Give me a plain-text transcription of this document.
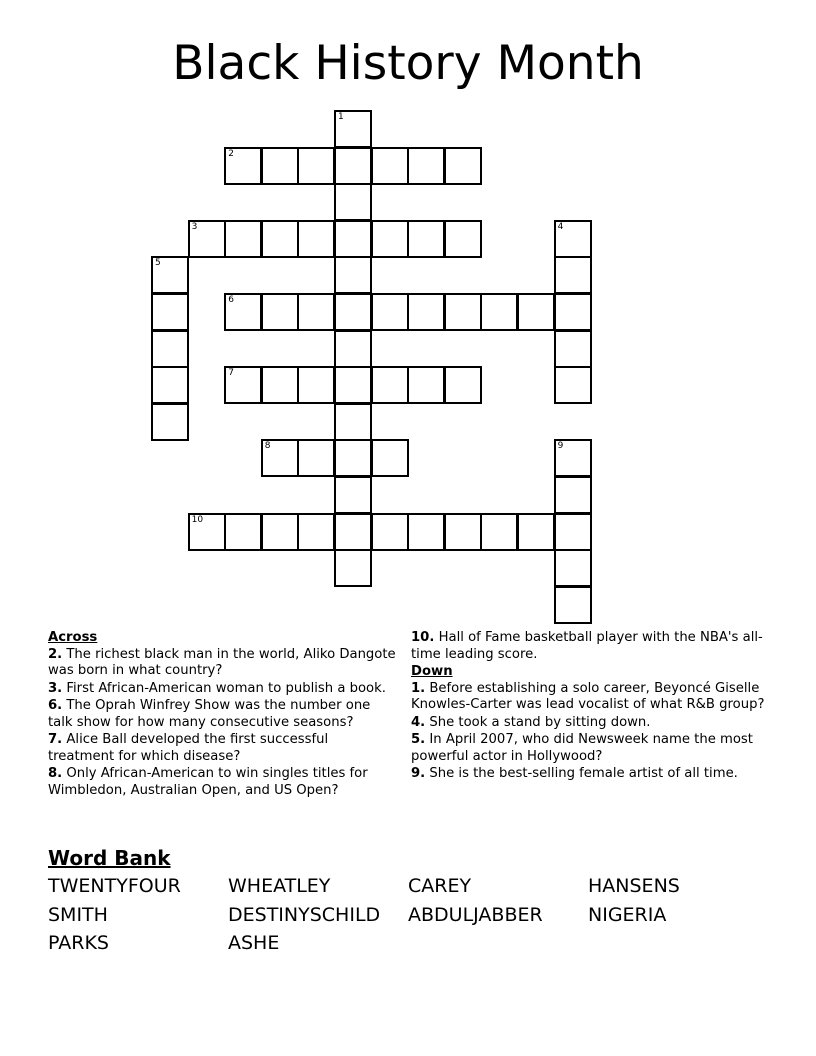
Black History Month
1
2
3	4
5
6
7
8	9
10

Across

2. The richest black man in the world, Aliko Dangote was born in what country?

3. First African-American woman to publish a book.

6. The Oprah Winfrey Show was the number one talk show for how many consecutive seasons?

7. Alice Ball developed the first successful treatment for which disease?

8. Only African-American to win singles titles for Wimbledon, Australian Open, and US Open?

10. Hall of Fame basketball player with the NBA's all-time leading score.

Down

1. Before establishing a solo career, Beyoncé Giselle Knowles-Carter was lead vocalist of what R&B group?

4. She took a stand by sitting down.

5. In April 2007, who did Newsweek name the most powerful actor in Hollywood?

9. She is the best-selling female artist of all time.

Word Bank

TWENTYFOUR	WHEATLEY	CAREY	HANSENS
SMITH	DESTINYSCHILD	ABDULJABBER	NIGERIA
PARKS	ASHE
